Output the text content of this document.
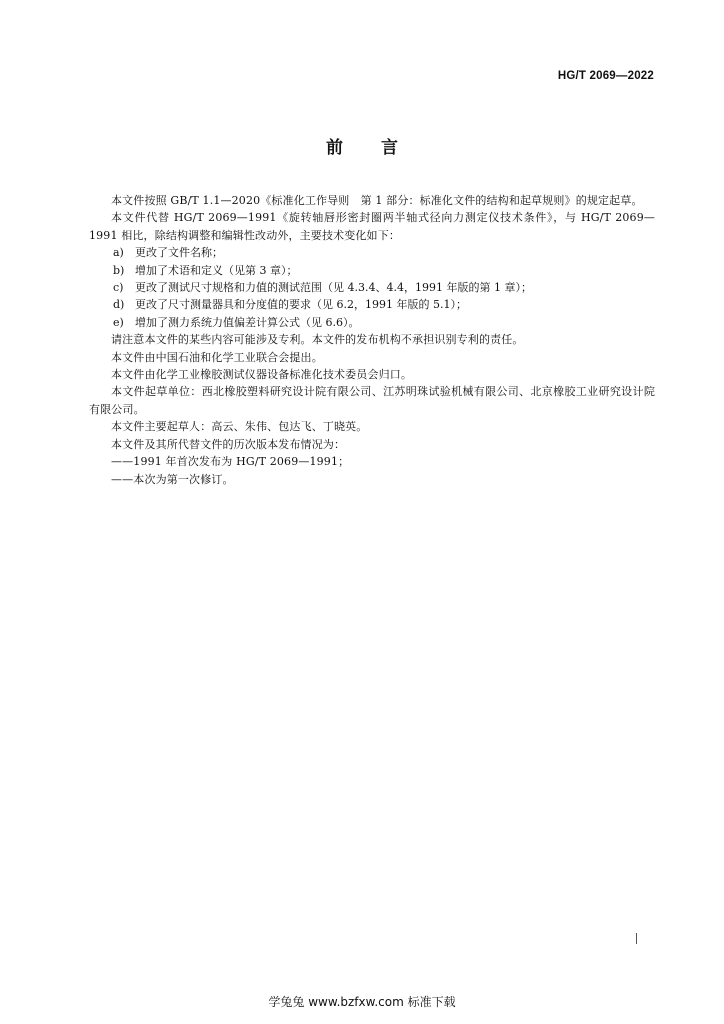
HG/T 2069—2022
前言

本文件按照 GB/T 1.1—2020《标准化工作导则　第 1 部分：标准化文件的结构和起草规则》的规定起草。

本文件代替 HG/T 2069—1991《旋转轴唇形密封圈两半轴式径向力测定仪技术条件》，与 HG/T 2069—1991 相比，除结构调整和编辑性改动外，主要技术变化如下：

a) 更改了文件名称；

b) 增加了术语和定义（见第 3 章）；

c) 更改了测试尺寸规格和力值的测试范围（见 4.3.4、4.4，1991 年版的第 1 章）；

d) 更改了尺寸测量器具和分度值的要求（见 6.2，1991 年版的 5.1）；

e) 增加了测力系统力值偏差计算公式（见 6.6）。

请注意本文件的某些内容可能涉及专利。本文件的发布机构不承担识别专利的责任。

本文件由中国石油和化学工业联合会提出。

本文件由化学工业橡胶测试仪器设备标准化技术委员会归口。

本文件起草单位：西北橡胶塑料研究设计院有限公司、江苏明珠试验机械有限公司、北京橡胶工业研究设计院有限公司。

本文件主要起草人：高云、朱伟、包达飞、丁晓英。

本文件及其所代替文件的历次版本发布情况为：

——1991 年首次发布为 HG/T 2069—1991；

——本次为第一次修订。

学兔兔 www.bzfxw.com 标准下载
